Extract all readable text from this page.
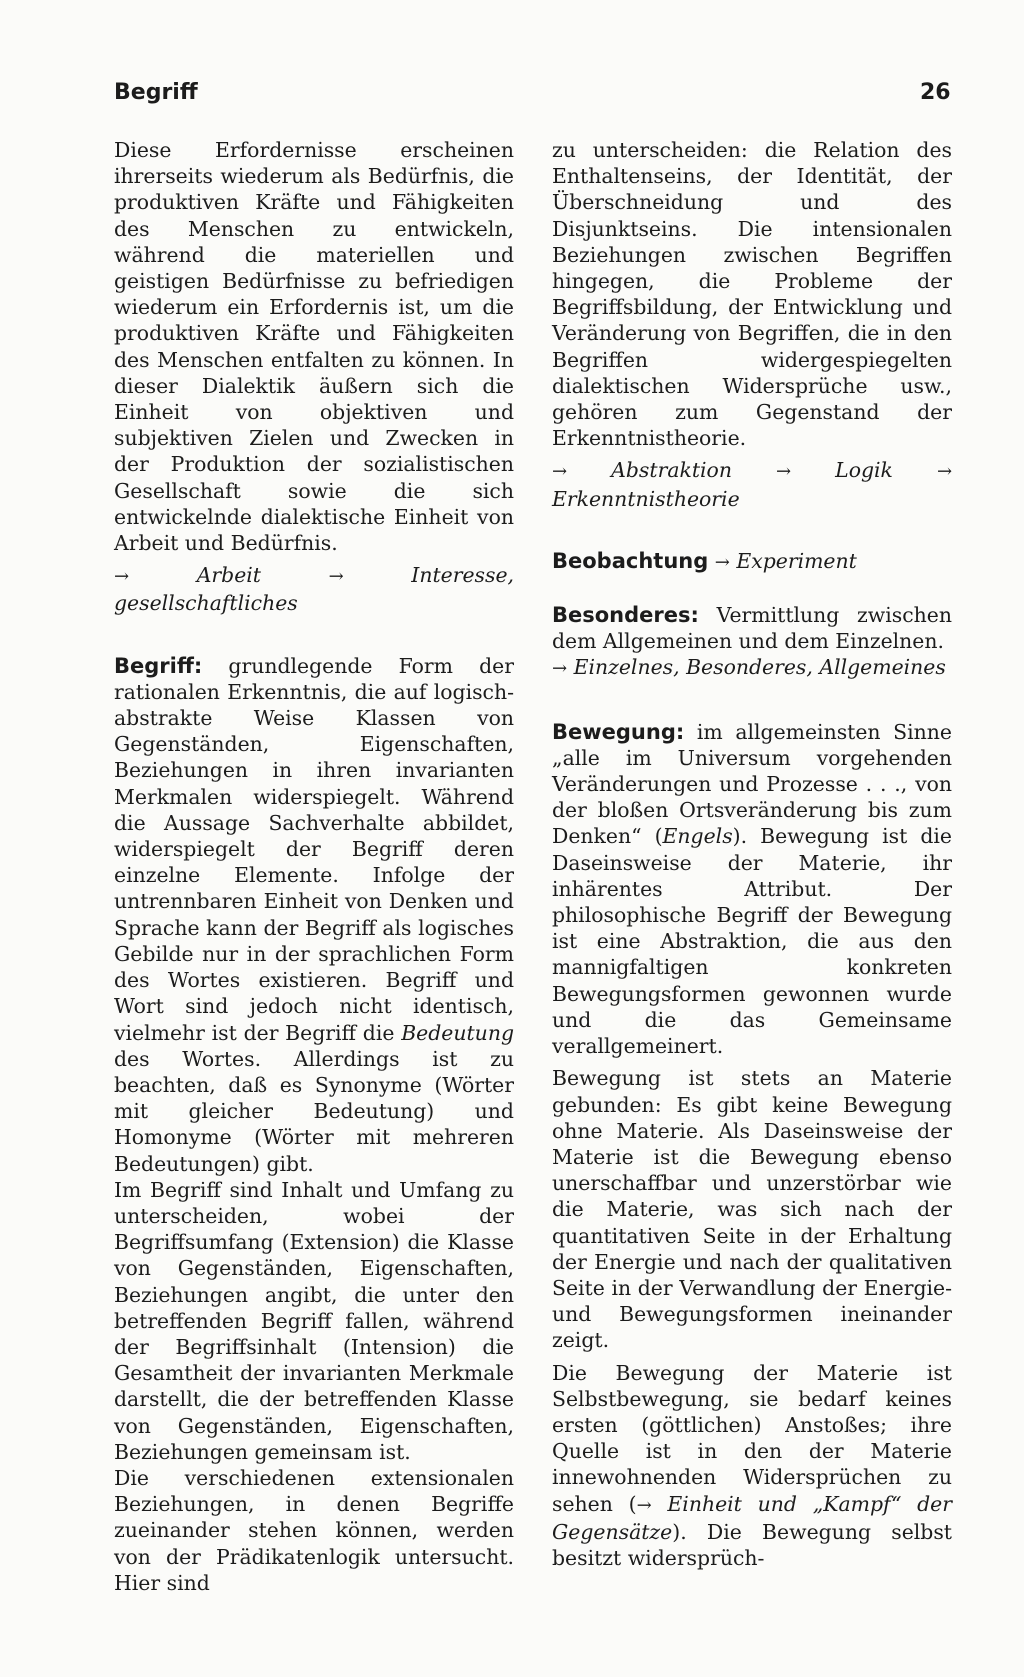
Begriff	26

Diese Erfordernisse erscheinen ihrerseits wiederum als Bedürfnis, die produktiven Kräfte und Fähigkeiten des Menschen zu entwickeln, während die materiellen und geistigen Bedürfnisse zu befriedigen wiederum ein Erfordernis ist, um die produktiven Kräfte und Fähigkeiten des Menschen entfalten zu können. In dieser Dialektik äußern sich die Einheit von objektiven und subjektiven Zielen und Zwecken in der Produktion der sozialistischen Gesellschaft sowie die sich entwickelnde dialektische Einheit von Arbeit und Bedürfnis.

→	Arbeit	→	Interesse, gesellschaftliches

Begriff: grundlegende Form der rationalen Erkenntnis, die auf logisch-abstrakte Weise Klassen von Gegenständen, Eigenschaften, Beziehungen in ihren invarianten Merkmalen widerspiegelt. Während die Aussage Sachverhalte abbildet, widerspiegelt der Begriff deren einzelne Elemente. Infolge der untrennbaren Einheit von Denken und Sprache kann der Begriff als logisches Gebilde nur in der sprachlichen Form des Wortes existieren. Begriff und Wort sind jedoch nicht identisch, vielmehr ist der Begriff die Bedeutung des Wortes. Allerdings ist zu beachten, daß es Synonyme (Wörter mit gleicher Bedeutung) und Homonyme (Wörter mit mehreren Bedeutungen) gibt.

Im Begriff sind Inhalt und Umfang zu unterscheiden, wobei der Begriffsumfang (Extension) die Klasse von Gegenständen, Eigenschaften, Beziehungen angibt, die unter den betreffenden Begriff fallen, während der Begriffsinhalt (Intension) die Gesamtheit der invarianten Merkmale darstellt, die der betreffenden Klasse von Gegenständen, Eigenschaften, Beziehungen gemeinsam ist.

Die verschiedenen extensionalen Beziehungen, in denen Begriffe zueinander stehen können, werden von der Prädikatenlogik untersucht. Hier sind

zu unterscheiden: die Relation des Enthaltenseins, der Identität, der Überschneidung und des Disjunktseins. Die intensionalen Beziehungen zwischen Begriffen hingegen, die Probleme der Begriffsbildung, der Entwicklung und Veränderung von Begriffen, die in den Begriffen widergespiegelten dialektischen Widersprüche usw., gehören zum Gegenstand der Erkenntnistheorie.

→ Abstraktion → Logik → Erkenntnistheorie

Beobachtung → Experiment

Besonderes: Vermittlung zwischen dem Allgemeinen und dem Einzelnen.

→ Einzelnes, Besonderes, Allgemeines

Bewegung: im allgemeinsten Sinne „alle im Universum vorgehenden Veränderungen und Prozesse . . ., von der bloßen Ortsveränderung bis zum Denken“ (Engels). Bewegung ist die Daseinsweise der Materie, ihr inhärentes Attribut. Der philosophische Begriff der Bewegung ist eine Abstraktion, die aus den mannigfaltigen konkreten Bewegungsformen gewonnen wurde und die das Gemeinsame verallgemeinert.

Bewegung ist stets an Materie gebunden: Es gibt keine Bewegung ohne Materie. Als Daseinsweise der Materie ist die Bewegung ebenso unerschaffbar und unzerstörbar wie die Materie, was sich nach der quantitativen Seite in der Erhaltung der Energie und nach der qualitativen Seite in der Verwandlung der Energie- und Bewegungsformen ineinander zeigt.

Die Bewegung der Materie ist Selbstbewegung, sie bedarf keines ersten (göttlichen) Anstoßes; ihre Quelle ist in den der Materie innewohnenden Widersprüchen zu sehen (→ Einheit und „Kampf“ der Gegensätze). Die Bewegung selbst besitzt widersprüch-
